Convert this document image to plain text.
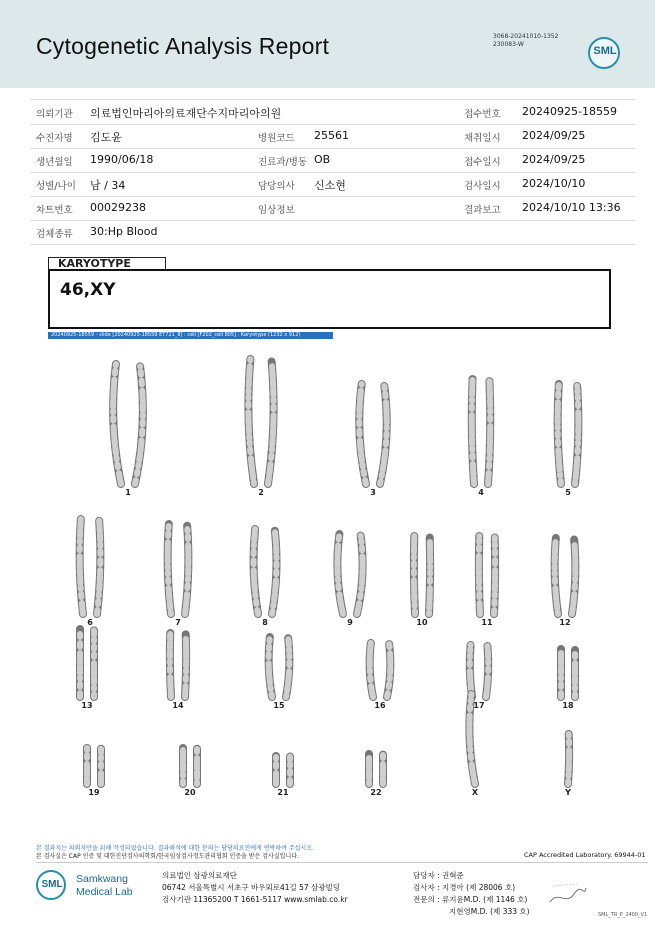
Cytogenetic Analysis Report	3068-20241010-1352
230083-W
SML
의뢰기관 의료법인마리아의료재단수지마리아의원	접수번호 20240925-18559
수진자명 김도윤	병원코드 25561	채취일시 2024/09/25
생년월일 1990/06/18	진료과/병동 OB	접수일시 2024/09/25
성별/나이 남 / 34	담당의사 신소현	검사일시 2024/10/10
차트번호 00029238	임상정보	결과보고 2024/10/10 13:36
검체종류 30:Hp Blood
KARYOTYPE
46,XY
20240925-18559 - slide [20240925-18559 ET721_8] : cell [F202_cell 805] : Karyotype (1232 x 912)
1	2	3	4	5
6	7	8	9	10	11	12
13	14	15	16	17	18
19	20	21	22	X	Y
본 결과지는 의뢰자만을 위해 작성되었습니다. 결과해석에 대한 문의는 담당의료진에게 연락하여 주십시오.
본 검사실은 CAP 인증 및 대한진단검사의학회/한국임상검사정도관리협회 인증을 받은 검사실입니다.	CAP Accredited Laboratory. 69944-01
SML	Samkwang
Medical Lab
의료법인 삼광의료재단
06742 서울특별시 서초구 바우뫼로41길 57 삼광빌딩
검사기관 11365200 T 1661-5117 www.smlab.co.kr
담당자 : 권혁준
검사자 : 지경아 (제 28006 호)
전문의 : 류지윤M.D. (제 1146 호)
지현영M.D. (제 333 호)	SML_TR_P_2400_V1
